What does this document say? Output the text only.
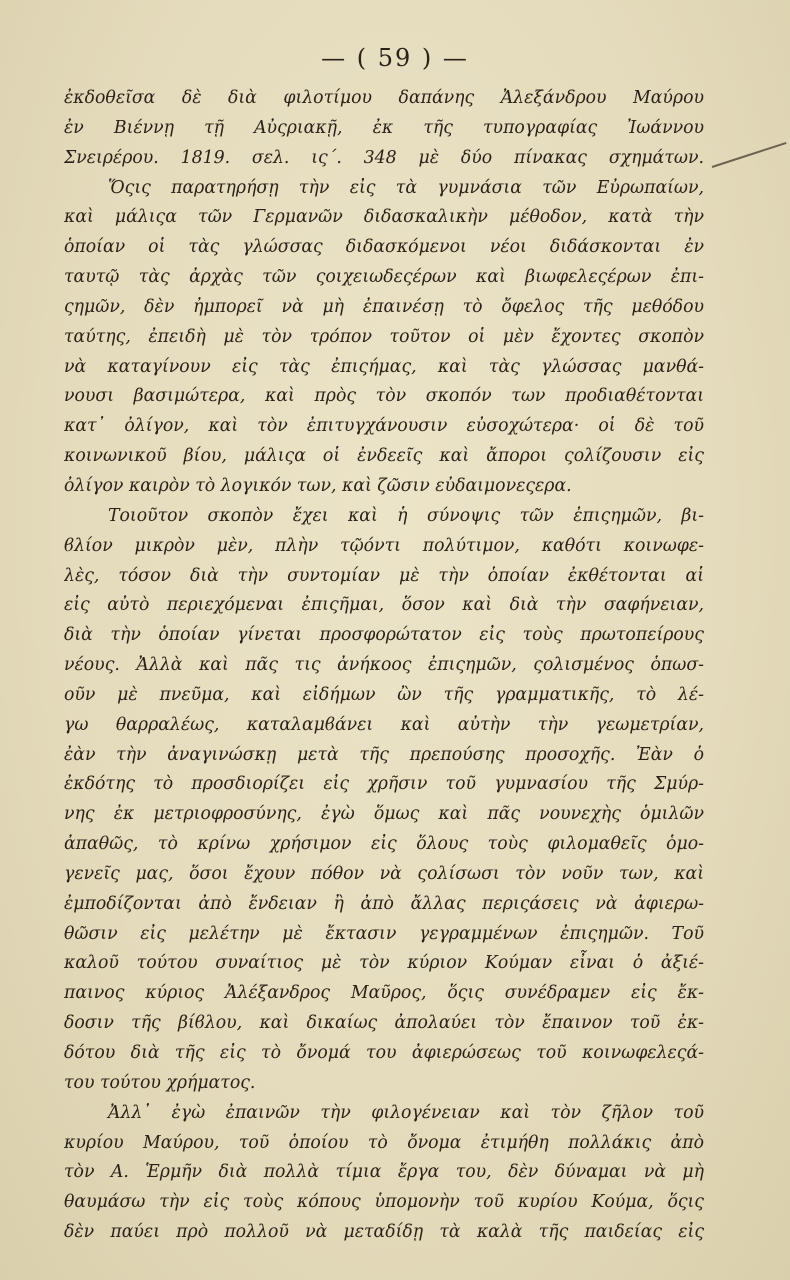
— ( 59 ) —
ἐκδοθεῖσα δὲ διὰ φιλοτίμου δαπάνης Ἀλεξάνδρου Μαύρου
ἐν Βιέννῃ τῇ Αὐςριακῇ, ἐκ τῆς τυπογραφίας Ἰωάννου
Σνειρέρου. 1819. σελ. ις΄. 348 μὲ δύο πίνακας σχημάτων.
Ὅςις παρατηρήσῃ τὴν εἰς τὰ γυμνάσια τῶν Εὐρωπαίων,
καὶ μάλιςα τῶν Γερμανῶν διδασκαλικὴν μέθοδον, κατὰ τὴν
ὁποίαν οἱ τὰς γλώσσας διδασκόμενοι νέοι διδάσκονται ἐν
ταυτῷ τὰς ἀρχὰς τῶν ςοιχειωδεςέρων καὶ βιωφελεςέρων ἐπι-
ςημῶν, δὲν ἠμπορεῖ νὰ μὴ ἐπαινέσῃ τὸ ὄφελος τῆς μεθόδου
ταύτης, ἐπειδὴ μὲ τὸν τρόπον τοῦτον οἱ μὲν ἔχοντες σκοπὸν
νὰ καταγίνουν εἰς τὰς ἐπιςήμας, καὶ τὰς γλώσσας μανθά-
νουσι βασιμώτερα, καὶ πρὸς τὸν σκοπόν των προδιαθέτονται
κατ᾽ ὀλίγον, καὶ τὸν ἐπιτυγχάνουσιν εὐσοχώτερα· οἱ δὲ τοῦ
κοινωνικοῦ βίου, μάλιςα οἱ ἐνδεεῖς καὶ ἄποροι ςολίζουσιν εἰς
ὀλίγον καιρὸν τὸ λογικόν των, καὶ ζῶσιν εὐδαιμονεςερα.
Τοιοῦτον σκοπὸν ἔχει καὶ ἡ σύνοψις τῶν ἐπιςημῶν, βι-
ϐλίον μικρὸν μὲν, πλὴν τῷόντι πολύτιμον, καθότι κοινωφε-
λὲς, τόσον διὰ τὴν συντομίαν μὲ τὴν ὁποίαν ἐκθέτονται αἱ
εἰς αὐτὸ περιεχόμεναι ἐπιςῆμαι, ὅσον καὶ διὰ τὴν σαφήνειαν,
διὰ τὴν ὁποίαν γίνεται προσφορώτατον εἰς τοὺς πρωτοπείρους
νέους. Ἀλλὰ καὶ πᾶς τις ἀνήκοος ἐπιςημῶν, ςολισμένος ὁπωσ-
οῦν μὲ πνεῦμα, καὶ εἰδήμων ὢν τῆς γραμματικῆς, τὸ λέ-
γω θαρραλέως, καταλαμϐάνει καὶ αὐτὴν τὴν γεωμετρίαν,
ἐὰν τὴν ἀναγινώσκῃ μετὰ τῆς πρεπούσης προσοχῆς. Ἐὰν ὁ
ἐκδότης τὸ προσδιορίζει εἰς χρῆσιν τοῦ γυμνασίου τῆς Σμύρ-
νης ἐκ μετριοφροσύνης, ἐγὼ ὅμως καὶ πᾶς νουνεχὴς ὁμιλῶν
ἀπαθῶς, τὸ κρίνω χρήσιμον εἰς ὅλους τοὺς φιλομαθεῖς ὁμο-
γενεῖς μας, ὅσοι ἔχουν πόθον νὰ ςολίσωσι τὸν νοῦν των, καὶ
ἐμποδίζονται ἀπὸ ἔνδειαν ἢ ἀπὸ ἄλλας περιςάσεις νὰ ἀφιερω-
θῶσιν εἰς μελέτην μὲ ἔκτασιν γεγραμμένων ἐπιςημῶν. Τοῦ
καλοῦ τούτου συναίτιος μὲ τὸν κύριον Κούμαν εἶναι ὁ ἀξιέ-
παινος κύριος Ἀλέξανδρος Μαῦρος, ὅςις συνέδραμεν εἰς ἔκ-
δοσιν τῆς βίϐλου, καὶ δικαίως ἀπολαύει τὸν ἔπαινον τοῦ ἐκ-
δότου διὰ τῆς εἰς τὸ ὄνομά του ἀφιερώσεως τοῦ κοινωφελεςά-
του τούτου χρήματος.
Ἀλλ᾽ ἐγὼ ἐπαινῶν τὴν φιλογένειαν καὶ τὸν ζῆλον τοῦ
κυρίου Μαύρου, τοῦ ὁποίου τὸ ὄνομα ἐτιμήθη πολλάκις ἀπὸ
τὸν Α. Ἑρμῆν διὰ πολλὰ τίμια ἔργα του, δὲν δύναμαι νὰ μὴ
θαυμάσω τὴν εἰς τοὺς κόπους ὑπομονὴν τοῦ κυρίου Κούμα, ὅςις
δὲν παύει πρὸ πολλοῦ νὰ μεταδίδῃ τὰ καλὰ τῆς παιδείας εἰς
